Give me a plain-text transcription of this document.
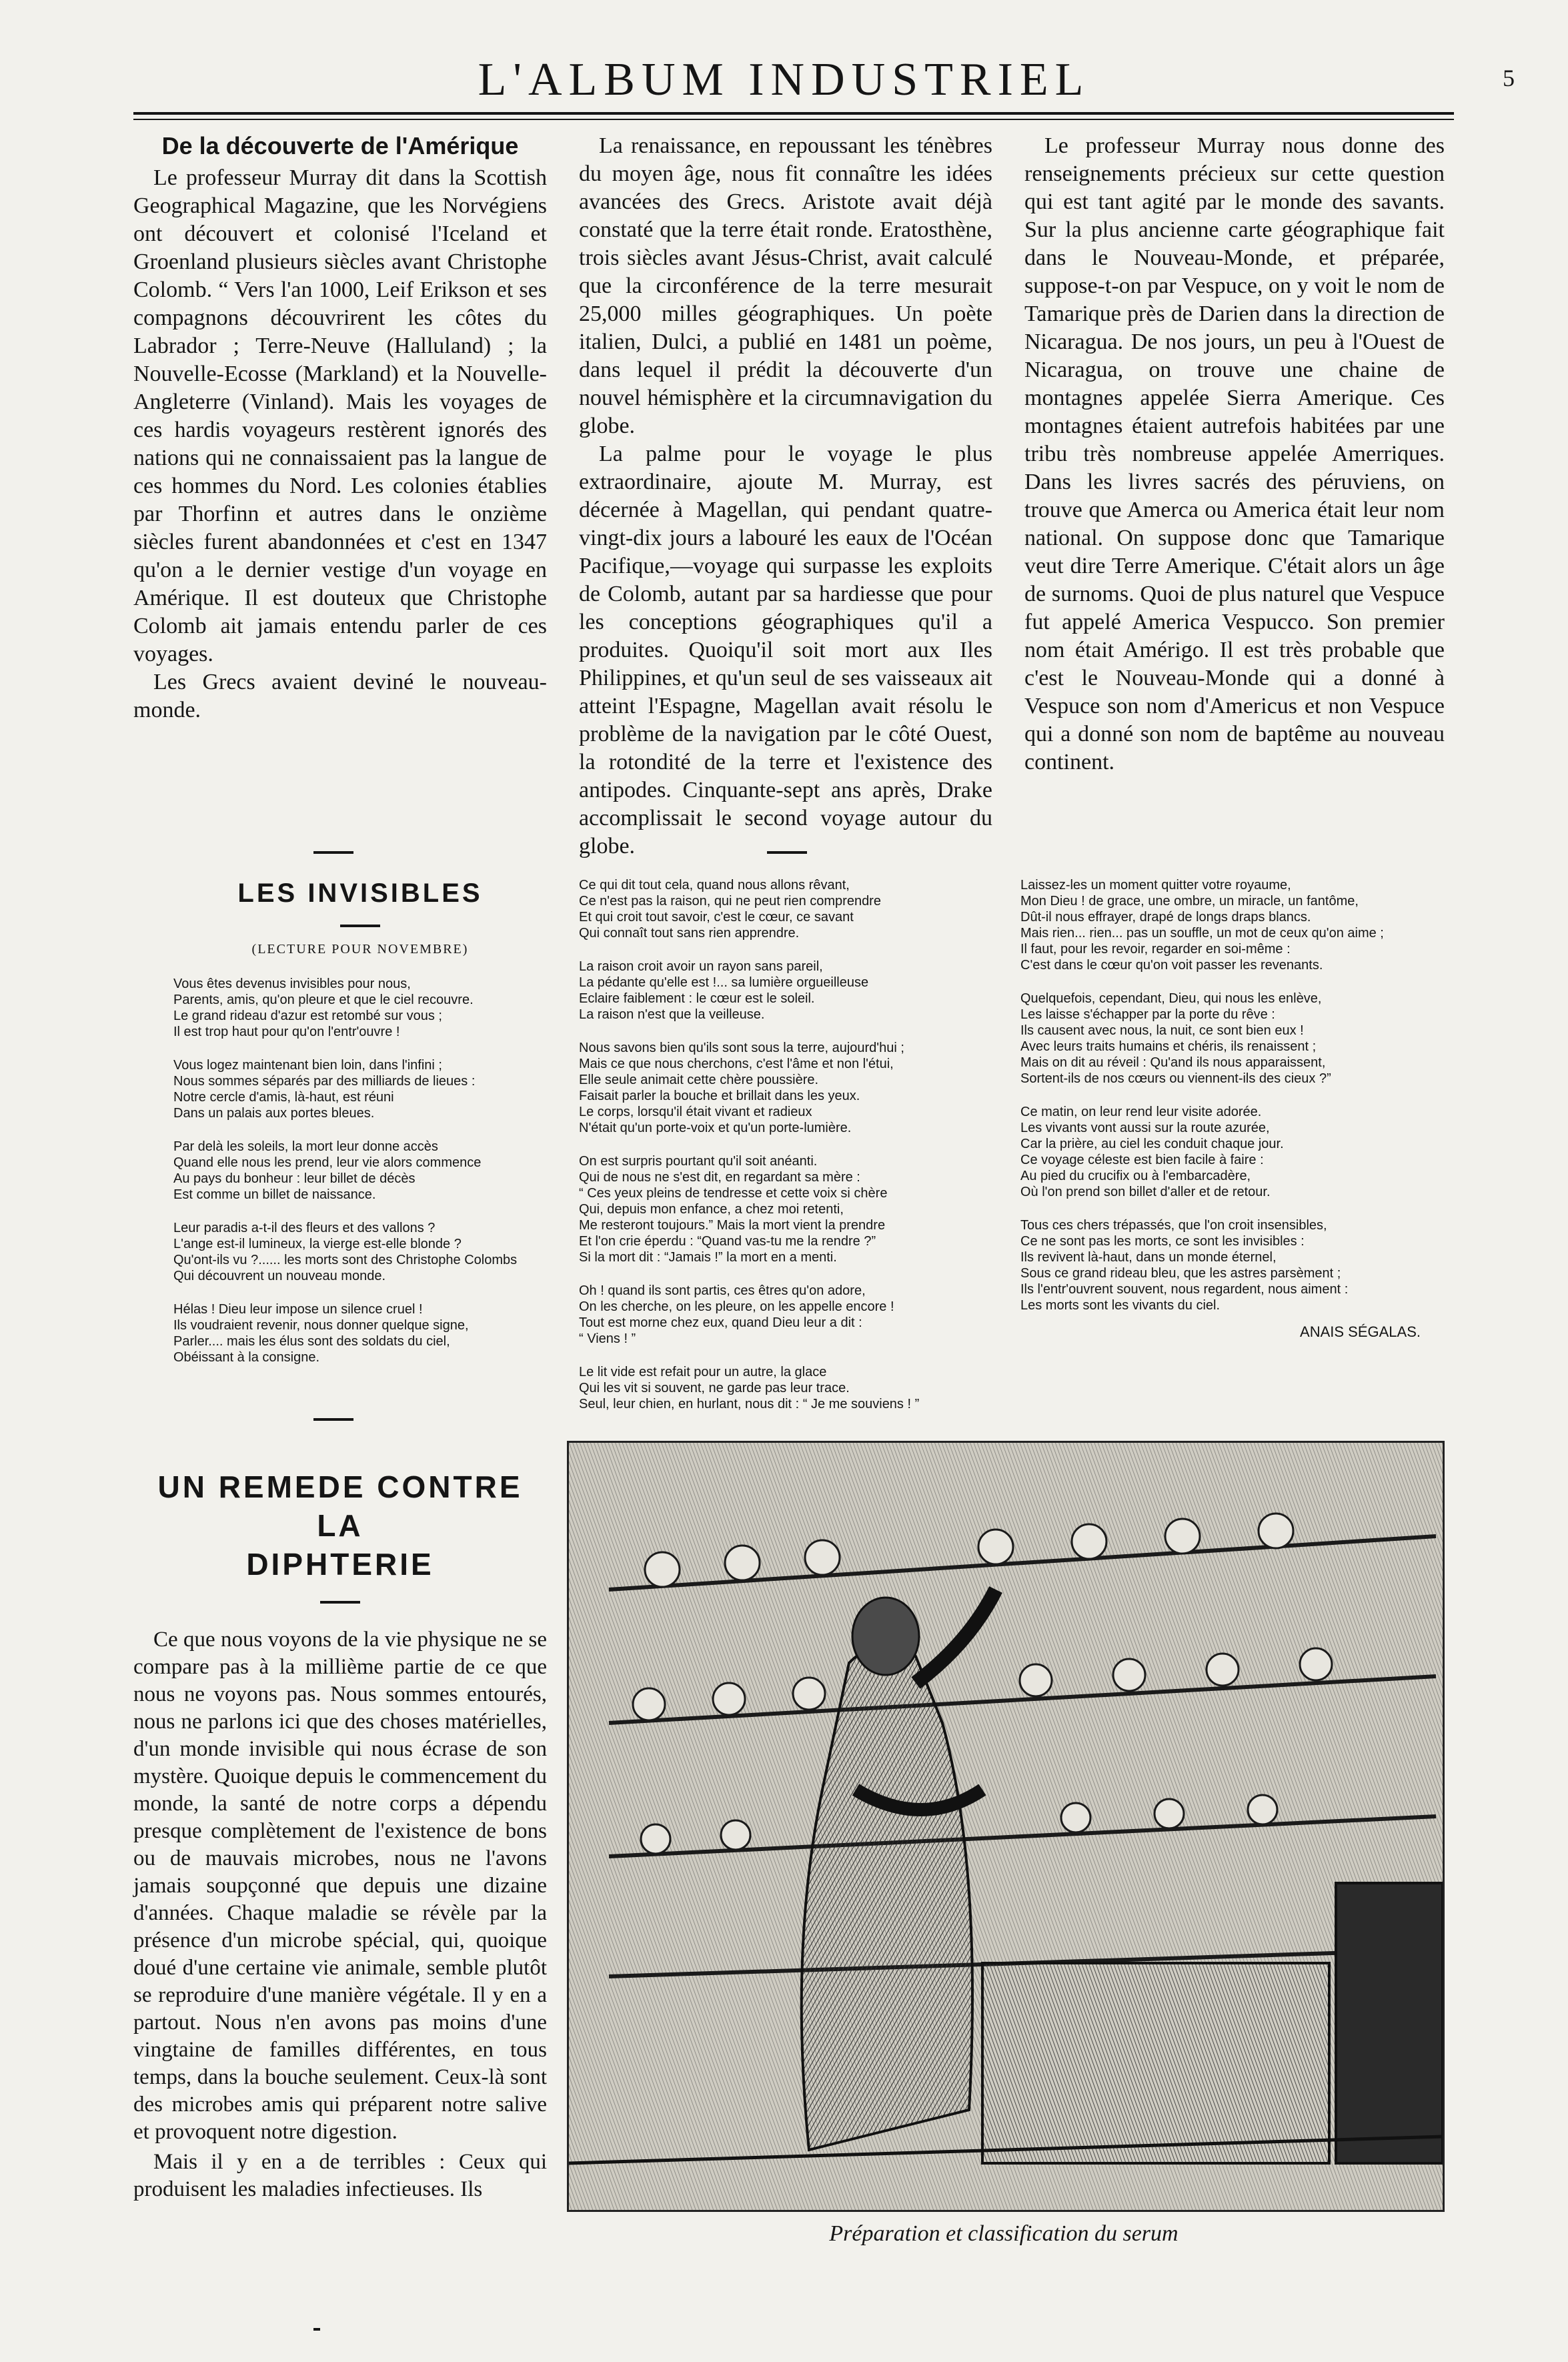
L'ALBUM INDUSTRIEL	5
De la découverte de l'Amérique

Le professeur Murray dit dans la Scottish Geographical Magazine, que les Norvégiens ont découvert et colonisé l'Iceland et Groenland plusieurs siècles avant Christophe Colomb. “ Vers l'an 1000, Leif Erikson et ses compagnons découvrirent les côtes du Labrador ; Terre-Neuve (Halluland) ; la Nouvelle-Ecosse (Markland) et la Nouvelle-Angleterre (Vinland). Mais les voyages de ces hardis voyageurs restèrent ignorés des nations qui ne connaissaient pas la langue de ces hommes du Nord. Les colonies établies par Thorfinn et autres dans le onzième siècles furent abandonnées et c'est en 1347 qu'on a le dernier vestige d'un voyage en Amérique. Il est douteux que Christophe Colomb ait jamais entendu parler de ces voyages.

Les Grecs avaient deviné le nouveau-monde.

La renaissance, en repoussant les ténèbres du moyen âge, nous fit connaître les idées avancées des Grecs. Aristote avait déjà constaté que la terre était ronde. Eratosthène, trois siècles avant Jésus-Christ, avait calculé que la circonférence de la terre mesurait 25,000 milles géographiques. Un poète italien, Dulci, a publié en 1481 un poème, dans lequel il prédit la découverte d'un nouvel hémisphère et la circumnavigation du globe.

La palme pour le voyage le plus extraordinaire, ajoute M. Murray, est décernée à Magellan, qui pendant quatre-vingt-dix jours a labouré les eaux de l'Océan Pacifique,—voyage qui surpasse les exploits de Colomb, autant par sa hardiesse que pour les conceptions géographiques qu'il a produites. Quoiqu'il soit mort aux Iles Philippines, et qu'un seul de ses vaisseaux ait atteint l'Espagne, Magellan avait résolu le problème de la navigation par le côté Ouest, la rotondité de la terre et l'existence des antipodes. Cinquante-sept ans après, Drake accomplissait le second voyage autour du globe.

Le professeur Murray nous donne des renseignements précieux sur cette question qui est tant agité par le monde des savants. Sur la plus ancienne carte géographique fait dans le Nouveau-Monde, et préparée, suppose-t-on par Vespuce, on y voit le nom de Tamarique près de Darien dans la direction de Nicaragua. De nos jours, un peu à l'Ouest de Nicaragua, on trouve une chaine de montagnes appelée Sierra Amerique. Ces montagnes étaient autrefois habitées par une tribu très nombreuse appelée Amerriques. Dans les livres sacrés des péruviens, on trouve que Amerca ou America était leur nom national. On suppose donc que Tamarique veut dire Terre Amerique. C'était alors un âge de surnoms. Quoi de plus naturel que Vespuce fut appelé America Vespucco. Son premier nom était Amérigo. Il est très probable que c'est le Nouveau-Monde qui a donné à Vespuce son nom d'Americus et non Vespuce qui a donné son nom de baptême au nouveau continent.

LES INVISIBLES
(LECTURE POUR NOVEMBRE)

Vous êtes devenus invisibles pour nous,
Parents, amis, qu'on pleure et que le ciel recouvre.
Le grand rideau d'azur est retombé sur vous ;
Il est trop haut pour qu'on l'entr'ouvre !

Vous logez maintenant bien loin, dans l'infini ;
Nous sommes séparés par des milliards de lieues :
Notre cercle d'amis, là-haut, est réuni
Dans un palais aux portes bleues.

Par delà les soleils, la mort leur donne accès
Quand elle nous les prend, leur vie alors commence
Au pays du bonheur : leur billet de décès
Est comme un billet de naissance.

Leur paradis a-t-il des fleurs et des vallons ?
L'ange est-il lumineux, la vierge est-elle blonde ?
Qu'ont-ils vu ?...... les morts sont des Christophe Colombs
Qui découvrent un nouveau monde.

Hélas ! Dieu leur impose un silence cruel !
Ils voudraient revenir, nous donner quelque signe,
Parler.... mais les élus sont des soldats du ciel,
Obéissant à la consigne.

Ce qui dit tout cela, quand nous allons rêvant,
Ce n'est pas la raison, qui ne peut rien comprendre
Et qui croit tout savoir, c'est le cœur, ce savant
Qui connaît tout sans rien apprendre.

La raison croit avoir un rayon sans pareil,
La pédante qu'elle est !... sa lumière orgueilleuse
Eclaire faiblement : le cœur est le soleil.
La raison n'est que la veilleuse.

Nous savons bien qu'ils sont sous la terre, aujourd'hui ;
Mais ce que nous cherchons, c'est l'âme et non l'étui,
Elle seule animait cette chère poussière.
Faisait parler la bouche et brillait dans les yeux.
Le corps, lorsqu'il était vivant et radieux
N'était qu'un porte-voix et qu'un porte-lumière.

On est surpris pourtant qu'il soit anéanti.
Qui de nous ne s'est dit, en regardant sa mère :
“ Ces yeux pleins de tendresse et cette voix si chère
Qui, depuis mon enfance, a chez moi retenti,
Me resteront toujours.” Mais la mort vient la prendre
Et l'on crie éperdu : “Quand vas-tu me la rendre ?”
Si la mort dit : “Jamais !” la mort en a menti.

Oh ! quand ils sont partis, ces êtres qu'on adore,
On les cherche, on les pleure, on les appelle encore !
Tout est morne chez eux, quand Dieu leur a dit :
“ Viens ! ”

Le lit vide est refait pour un autre, la glace
Qui les vit si souvent, ne garde pas leur trace.
Seul, leur chien, en hurlant, nous dit : “ Je me souviens ! ”

Laissez-les un moment quitter votre royaume,
Mon Dieu ! de grace, une ombre, un miracle, un fantôme,
Dût-il nous effrayer, drapé de longs draps blancs.
Mais rien... rien... pas un souffle, un mot de ceux qu'on aime ;
Il faut, pour les revoir, regarder en soi-même :
C'est dans le cœur qu'on voit passer les revenants.

Quelquefois, cependant, Dieu, qui nous les enlève,
Les laisse s'échapper par la porte du rêve :
Ils causent avec nous, la nuit, ce sont bien eux !
Avec leurs traits humains et chéris, ils renaissent ;
Mais on dit au réveil : Qu'and ils nous apparaissent,
Sortent-ils de nos cœurs ou viennent-ils des cieux ?”

Ce matin, on leur rend leur visite adorée.
Les vivants vont aussi sur la route azurée,
Car la prière, au ciel les conduit chaque jour.
Ce voyage céleste est bien facile à faire :
Au pied du crucifix ou à l'embarcadère,
Où l'on prend son billet d'aller et de retour.

Tous ces chers trépassés, que l'on croit insensibles,
Ce ne sont pas les morts, ce sont les invisibles :
Ils revivent là-haut, dans un monde éternel,
Sous ce grand rideau bleu, que les astres parsèment ;
Ils l'entr'ouvrent souvent, nous regardent, nous aiment :
Les morts sont les vivants du ciel.

ANAIS SÉGALAS.
UN REMEDE CONTRE LA
DIPHTERIE

Ce que nous voyons de la vie physique ne se compare pas à la millième partie de ce que nous ne voyons pas. Nous sommes entourés, nous ne parlons ici que des choses matérielles, d'un monde invisible qui nous écrase de son mystère. Quoique depuis le commencement du monde, la santé de notre corps a dépendu presque complètement de l'existence de bons ou de mauvais microbes, nous ne l'avons jamais soupçonné que depuis une dizaine d'années. Chaque maladie se révèle par la présence d'un microbe spécial, qui, quoique doué d'une certaine vie animale, semble plutôt se reproduire d'une manière végétale. Il y en a partout. Nous n'en avons pas moins d'une vingtaine de familles différentes, en tous temps, dans la bouche seulement. Ceux-là sont des microbes amis qui préparent notre salive et provoquent notre digestion.

Mais il y en a de terribles : Ceux qui produisent les maladies infectieuses. Ils

Préparation et classification du serum
